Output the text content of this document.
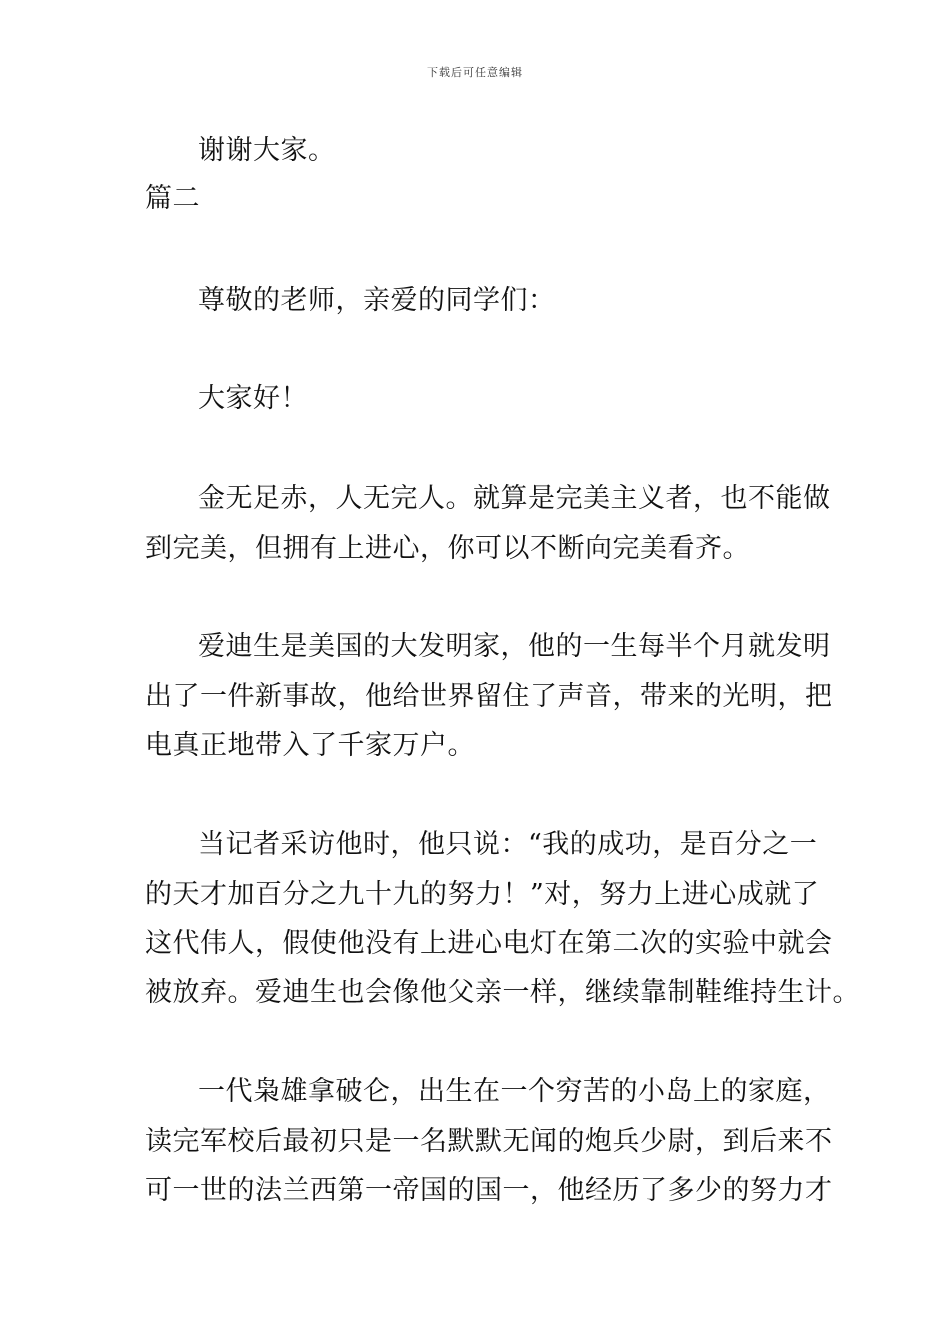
下载后可任意编辑
谢谢大家。
篇二
尊敬的老师，亲爱的同学们：
大家好！
金无足赤，人无完人。就算是完美主义者，也不能做
到完美，但拥有上进心，你可以不断向完美看齐。
爱迪生是美国的大发明家，他的一生每半个月就发明
出了一件新事故，他给世界留住了声音，带来的光明，把
电真正地带入了千家万户。
当记者采访他时，他只说：“我的成功，是百分之一
的天才加百分之九十九的努力！”对，努力上进心成就了
这代伟人，假使他没有上进心电灯在第二次的实验中就会
被放弃。爱迪生也会像他父亲一样，继续靠制鞋维持生计。
一代枭雄拿破仑，出生在一个穷苦的小岛上的家庭，
读完军校后最初只是一名默默无闻的炮兵少尉，到后来不
可一世的法兰西第一帝国的国一，他经历了多少的努力才
